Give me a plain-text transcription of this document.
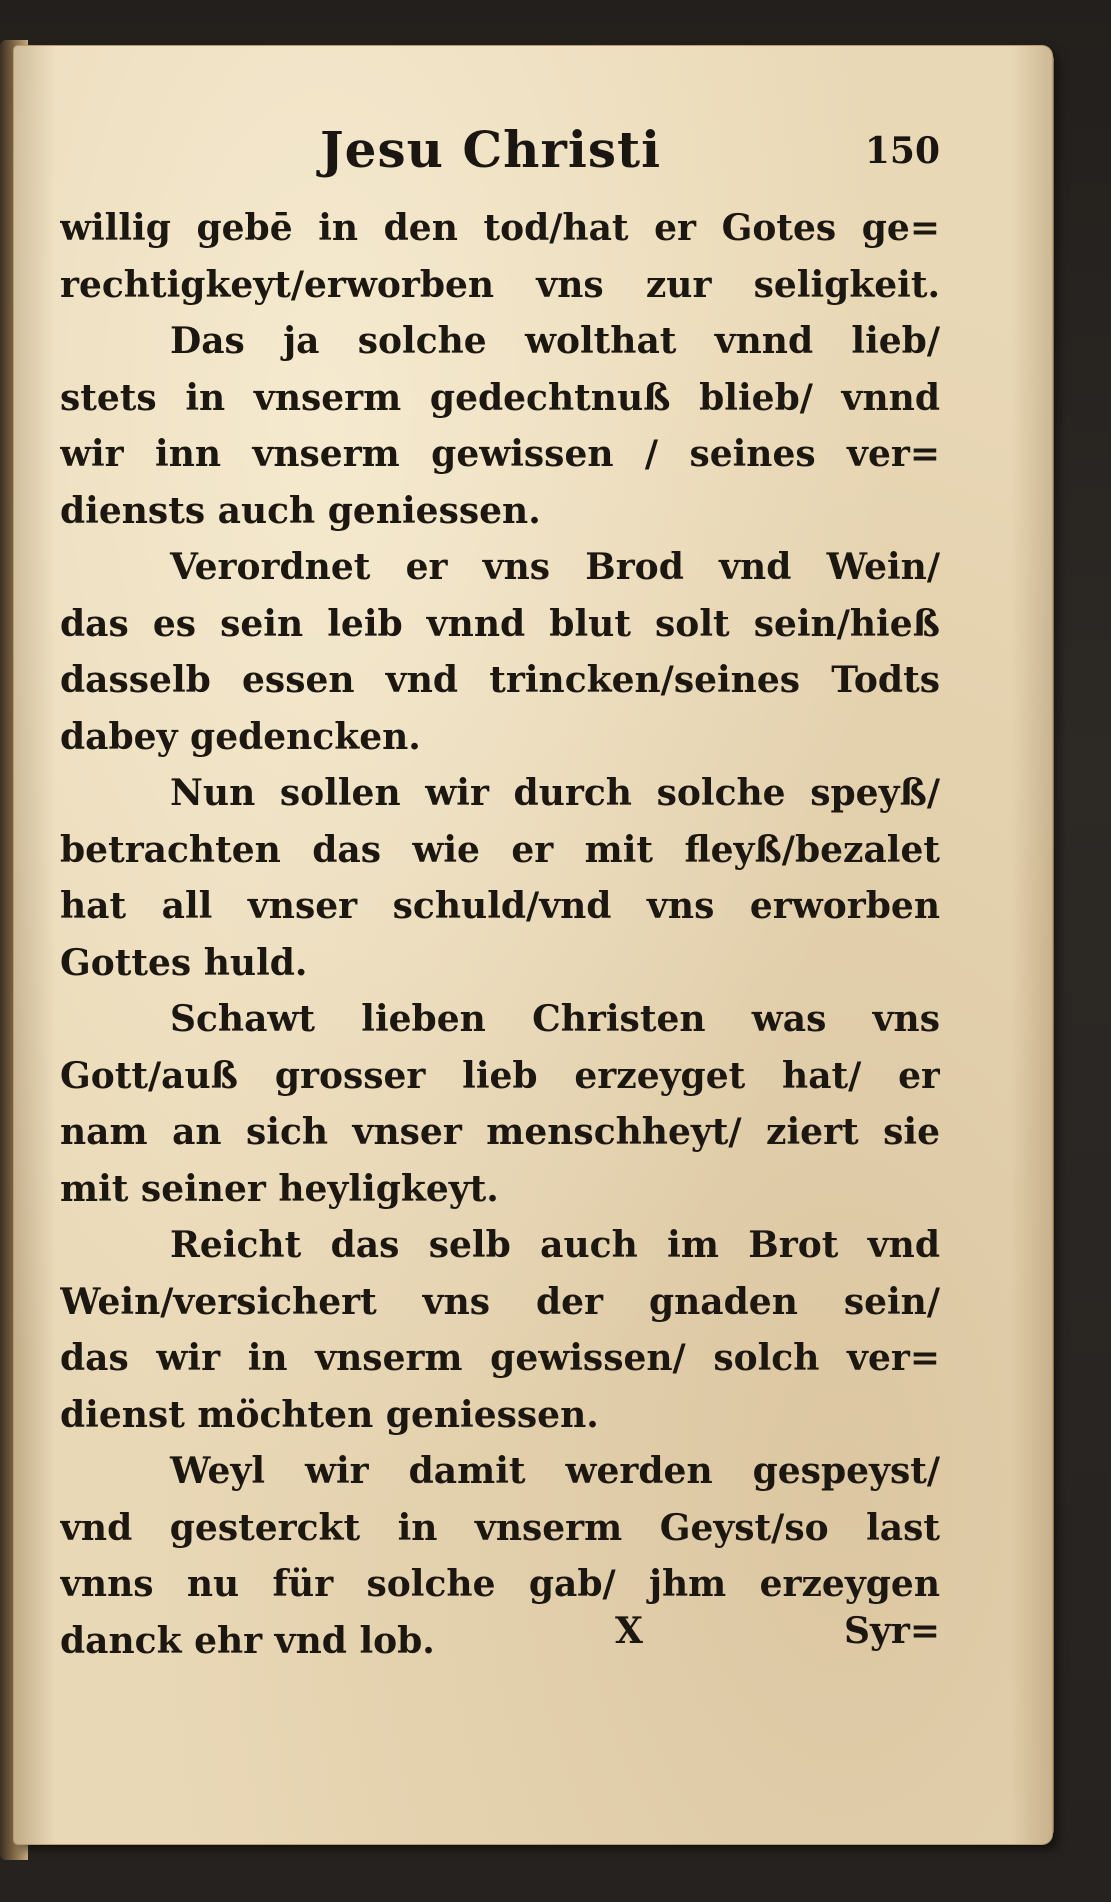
Jesu Christi	150
willig gebē in den tod/hat er Gotes ge=
rechtigkeyt/erworben vns zur seligkeit.
Das ja solche wolthat vnnd lieb/
stets in vnserm gedechtnuß blieb/ vnnd
wir inn vnserm gewissen / seines ver=
diensts auch geniessen.
Verordnet er vns Brod vnd Wein/
das es sein leib vnnd blut solt sein/hieß
dasselb essen vnd trincken/seines Todts
dabey gedencken.
Nun sollen wir durch solche speyß/
betrachten das wie er mit fleyß/bezalet
hat all vnser schuld/vnd vns erworben
Gottes huld.
Schawt lieben Christen was vns
Gott/auß grosser lieb erzeyget hat/ er
nam an sich vnser menschheyt/ ziert sie
mit seiner heyligkeyt.
Reicht das selb auch im Brot vnd
Wein/versichert vns der gnaden sein/
das wir in vnserm gewissen/ solch ver=
dienst möchten geniessen.
Weyl wir damit werden gespeyst/
vnd gesterckt in vnserm Geyst/so last
vnns nu für solche gab/ jhm erzeygen
danck ehr vnd lob.	X	Syr=
